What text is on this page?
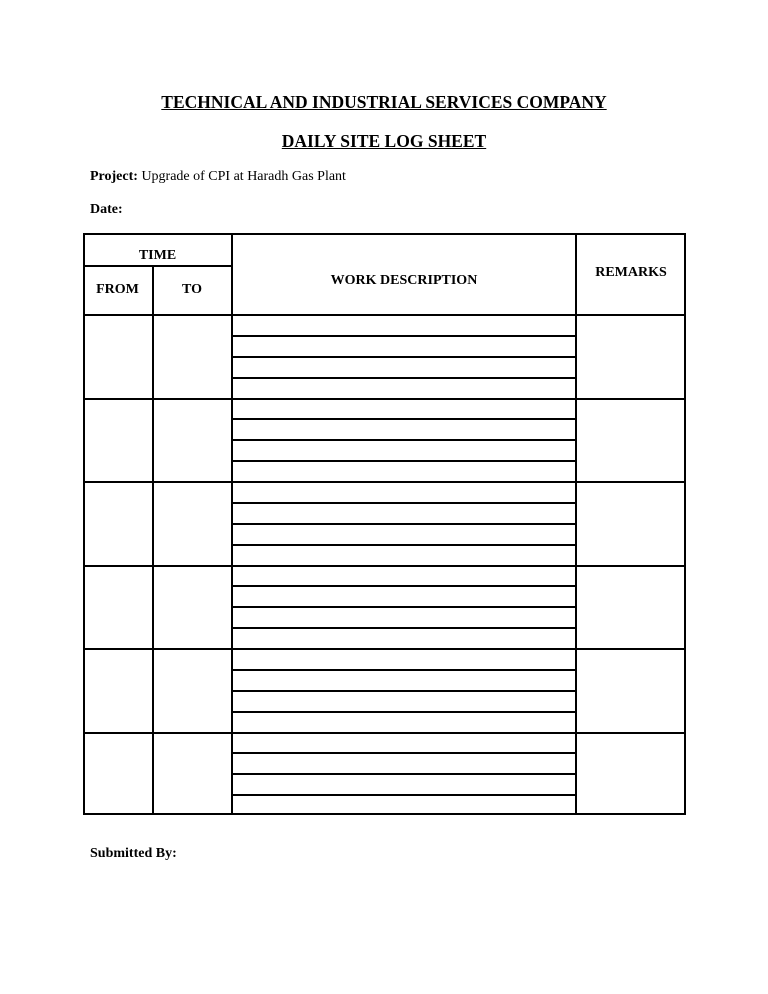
TECHNICAL AND INDUSTRIAL SERVICES COMPANY
DAILY SITE LOG SHEET
Project: Upgrade of CPI at Haradh Gas Plant
Date:
TIME
FROM	TO
WORK DESCRIPTION
REMARKS
Submitted By:
